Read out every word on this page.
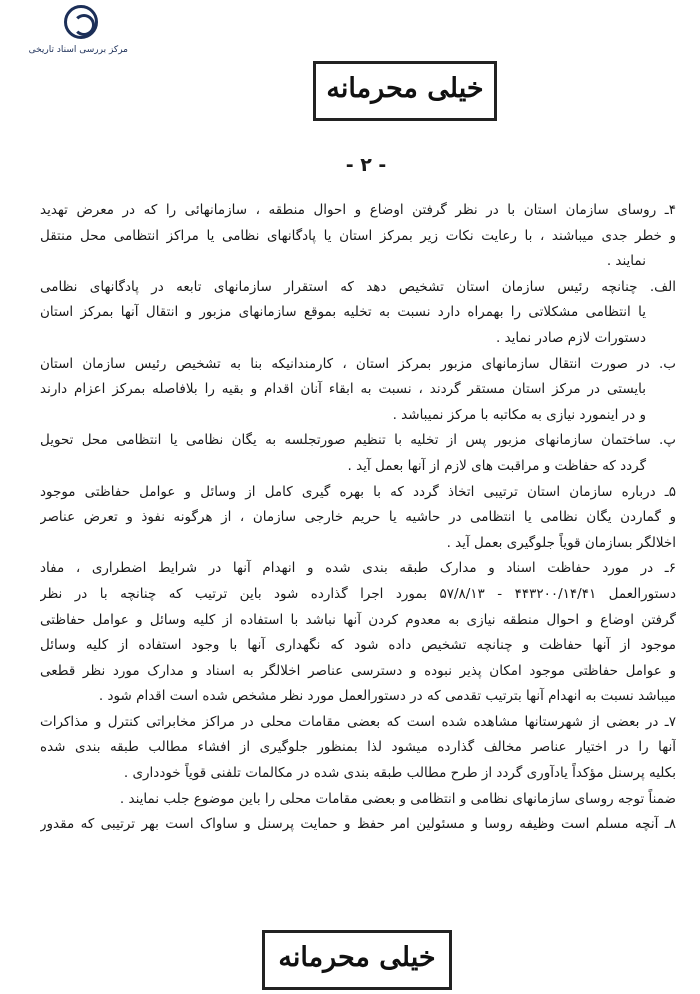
مرکز بررسی اسناد تاریخی
خیلی محرمانه
- ۲ -
۴ـ روسای سازمان استان با در نظر گرفتن اوضاع و احوال منطقه ، سازمانهائی را که در معرض تهدید
و خطر جدی میباشند ، با رعایت نکات زیر بمرکز استان یا پادگانهای نظامی یا مراکز انتظامی محل منتقل
نمایند .
الف. چنانچه رئیس سازمان استان تشخیص دهد که استقرار سازمانهای تابعه در پادگانهای نظامی
یا انتظامی مشکلاتی را بهمراه دارد نسبت به تخلیه بموقع سازمانهای مزبور و انتقال آنها بمرکز استان
دستورات لازم صادر نماید .
ب. در صورت انتقال سازمانهای مزبور بمرکز استان ، کارمندانیکه بنا به تشخیص رئیس سازمان استان
بایستی در مرکز استان مستقر گردند ، نسبت به ابقاء آنان اقدام و بقیه را بلافاصله بمرکز اعزام دارند
و در اینمورد نیازی به مکاتبه با مرکز نمیباشد .
پ. ساختمان سازمانهای مزبور پس از تخلیه با تنظیم صورتجلسه به یگان نظامی یا انتظامی محل تحویل
گردد که حفاظت و مراقبت های لازم از آنها بعمل آید .
۵ـ درباره سازمان استان ترتیبی اتخاذ گردد که با بهره گیری کامل از وسائل و عوامل حفاظتی موجود
و گماردن یگان نظامی یا انتظامی در حاشیه یا حریم خارجی سازمان ، از هرگونه نفوذ و تعرض عناصر
اخلالگر بسازمان قویاً جلوگیری بعمل آید .
۶ـ در مورد حفاظت اسناد و مدارک طبقه بندی شده و انهدام آنها در شرایط اضطراری ، مفاد
دستورالعمل ۴۴۳۲۰۰/۱۴/۴۱ - ۵۷/۸/۱۳ بمورد اجرا گذارده شود باین ترتیب که چنانچه با در نظر
گرفتن اوضاع و احوال منطقه نیازی به معدوم کردن آنها نباشد با استفاده از کلیه وسائل و عوامل حفاظتی
موجود از آنها حفاظت و چنانچه تشخیص داده شود که نگهداری آنها با وجود استفاده از کلیه وسائل
و عوامل حفاظتی موجود امکان پذیر نبوده و دسترسی عناصر اخلالگر به اسناد و مدارک مورد نظر قطعی
میباشد نسبت به انهدام آنها بترتیب تقدمی که در دستورالعمل مورد نظر مشخص شده است اقدام شود .
۷ـ در بعضی از شهرستانها مشاهده شده است که بعضی مقامات محلی در مراکز مخابراتی کنترل و مذاکرات
آنها را در اختیار عناصر مخالف گذارده میشود لذا بمنظور جلوگیری از افشاء مطالب طبقه بندی شده
بکلیه پرسنل مؤکداً یادآوری گردد از طرح مطالب طبقه بندی شده در مکالمات تلفنی قویاً خودداری .
ضمناً توجه روسای سازمانهای نظامی و انتظامی و بعضی مقامات محلی را باین موضوع جلب نمایند .
۸ـ آنچه مسلم است وظیفه روسا و مسئولین امر حفظ و حمایت پرسنل و ساواک است بهر ترتیبی که مقدور
خیلی محرمانه
